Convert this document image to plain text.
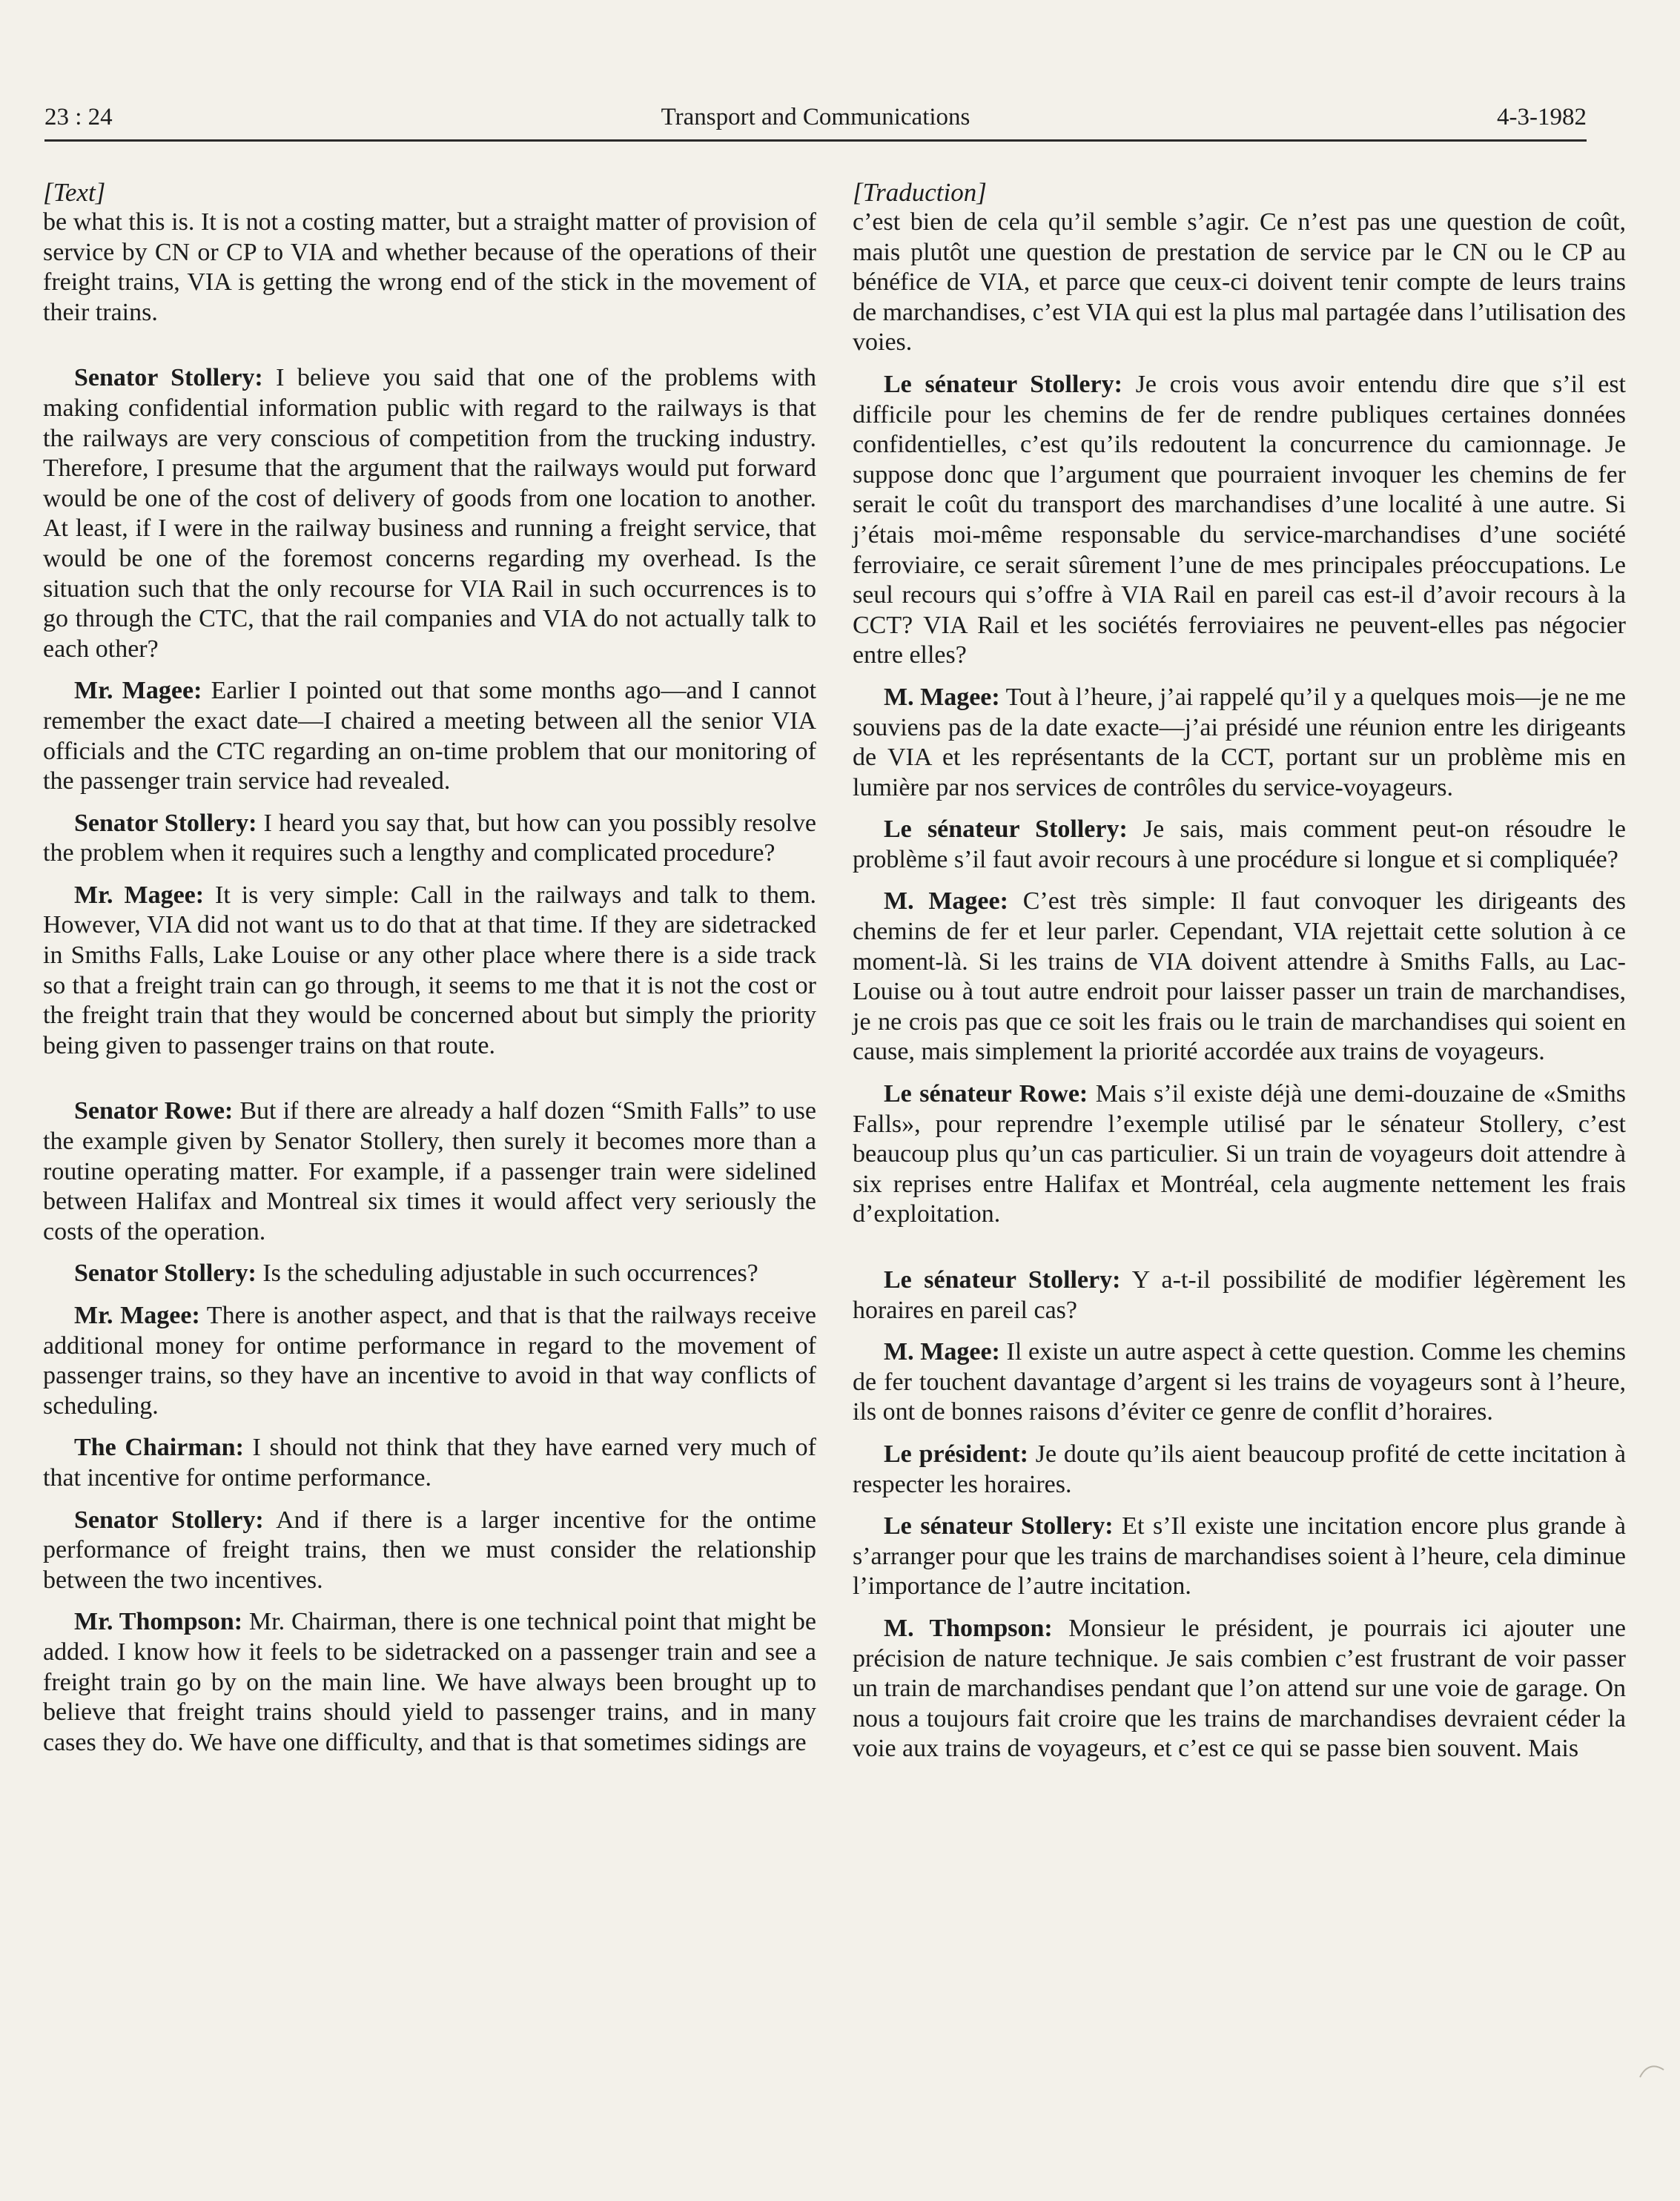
23 : 24	Transport and Communications	4-3-1982

[Text]

be what this is. It is not a costing matter, but a straight matter of provision of service by CN or CP to VIA and whether because of the operations of their freight trains, VIA is getting the wrong end of the stick in the movement of their trains.

Senator Stollery: I believe you said that one of the problems with making confidential information public with regard to the railways is that the railways are very conscious of competition from the trucking industry. Therefore, I presume that the argument that the railways would put forward would be one of the cost of delivery of goods from one location to another. At least, if I were in the railway business and running a freight service, that would be one of the foremost concerns regarding my overhead. Is the situation such that the only recourse for VIA Rail in such occurrences is to go through the CTC, that the rail companies and VIA do not actually talk to each other?

Mr. Magee: Earlier I pointed out that some months ago—and I cannot remember the exact date—I chaired a meeting between all the senior VIA officials and the CTC regarding an on-time problem that our monitoring of the passenger train service had revealed.

Senator Stollery: I heard you say that, but how can you possibly resolve the problem when it requires such a lengthy and complicated procedure?

Mr. Magee: It is very simple: Call in the railways and talk to them. However, VIA did not want us to do that at that time. If they are sidetracked in Smiths Falls, Lake Louise or any other place where there is a side track so that a freight train can go through, it seems to me that it is not the cost or the freight train that they would be concerned about but simply the priority being given to passenger trains on that route.

Senator Rowe: But if there are already a half dozen “Smith Falls” to use the example given by Senator Stollery, then surely it becomes more than a routine operating matter. For example, if a passenger train were sidelined between Halifax and Montreal six times it would affect very seriously the costs of the operation.

Senator Stollery: Is the scheduling adjustable in such occurrences?

Mr. Magee: There is another aspect, and that is that the railways receive additional money for ontime performance in regard to the movement of passenger trains, so they have an incentive to avoid in that way conflicts of scheduling.

The Chairman: I should not think that they have earned very much of that incentive for ontime performance.

Senator Stollery: And if there is a larger incentive for the ontime performance of freight trains, then we must consider the relationship between the two incentives.

Mr. Thompson: Mr. Chairman, there is one technical point that might be added. I know how it feels to be sidetracked on a passenger train and see a freight train go by on the main line. We have always been brought up to believe that freight trains should yield to passenger trains, and in many cases they do. We have one difficulty, and that is that sometimes sidings are

[Traduction]

c’est bien de cela qu’il semble s’agir. Ce n’est pas une question de coût, mais plutôt une question de prestation de service par le CN ou le CP au bénéfice de VIA, et parce que ceux-ci doivent tenir compte de leurs trains de marchandises, c’est VIA qui est la plus mal partagée dans l’utilisation des voies.

Le sénateur Stollery: Je crois vous avoir entendu dire que s’il est difficile pour les chemins de fer de rendre publiques certaines données confidentielles, c’est qu’ils redoutent la concurrence du camionnage. Je suppose donc que l’argument que pourraient invoquer les chemins de fer serait le coût du transport des marchandises d’une localité à une autre. Si j’étais moi-même responsable du service-marchandises d’une société ferroviaire, ce serait sûrement l’une de mes principales préoccupations. Le seul recours qui s’offre à VIA Rail en pareil cas est-il d’avoir recours à la CCT? VIA Rail et les sociétés ferroviaires ne peuvent-elles pas négocier entre elles?

M. Magee: Tout à l’heure, j’ai rappelé qu’il y a quelques mois—je ne me souviens pas de la date exacte—j’ai présidé une réunion entre les dirigeants de VIA et les représentants de la CCT, portant sur un problème mis en lumière par nos services de contrôles du service-voyageurs.

Le sénateur Stollery: Je sais, mais comment peut-on résoudre le problème s’il faut avoir recours à une procédure si longue et si compliquée?

M. Magee: C’est très simple: Il faut convoquer les dirigeants des chemins de fer et leur parler. Cependant, VIA rejettait cette solution à ce moment-là. Si les trains de VIA doivent attendre à Smiths Falls, au Lac-Louise ou à tout autre endroit pour laisser passer un train de marchandises, je ne crois pas que ce soit les frais ou le train de marchandises qui soient en cause, mais simplement la priorité accordée aux trains de voyageurs.

Le sénateur Rowe: Mais s’il existe déjà une demi-douzaine de «Smiths Falls», pour reprendre l’exemple utilisé par le sénateur Stollery, c’est beaucoup plus qu’un cas particulier. Si un train de voyageurs doit attendre à six reprises entre Halifax et Montréal, cela augmente nettement les frais d’exploitation.

Le sénateur Stollery: Y a-t-il possibilité de modifier légèrement les horaires en pareil cas?

M. Magee: Il existe un autre aspect à cette question. Comme les chemins de fer touchent davantage d’argent si les trains de voyageurs sont à l’heure, ils ont de bonnes raisons d’éviter ce genre de conflit d’horaires.

Le président: Je doute qu’ils aient beaucoup profité de cette incitation à respecter les horaires.

Le sénateur Stollery: Et s’Il existe une incitation encore plus grande à s’arranger pour que les trains de marchandises soient à l’heure, cela diminue l’importance de l’autre incitation.

M. Thompson: Monsieur le président, je pourrais ici ajouter une précision de nature technique. Je sais combien c’est frustrant de voir passer un train de marchandises pendant que l’on attend sur une voie de garage. On nous a toujours fait croire que les trains de marchandises devraient céder la voie aux trains de voyageurs, et c’est ce qui se passe bien souvent. Mais
